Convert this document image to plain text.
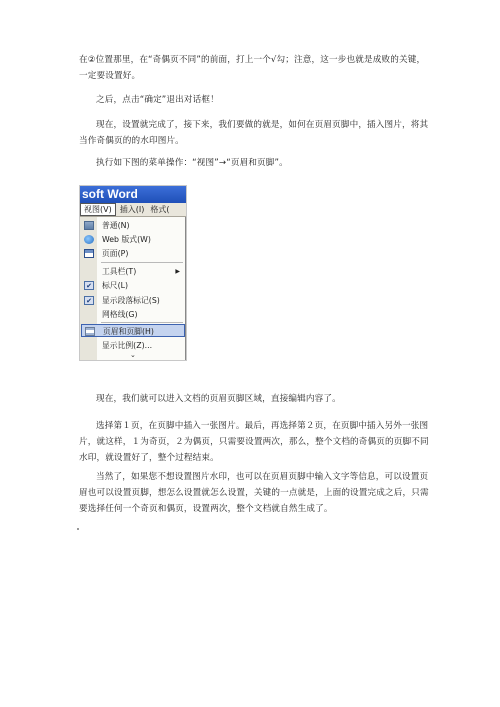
在②位置那里，在“奇偶页不同”的前面，打上一个√勾；注意，这一步也就是成败的关键，一定要设置好。
之后，点击“确定”退出对话框！
现在，设置就完成了，接下来，我们要做的就是，如何在页眉页脚中，插入图片，将其当作奇偶页的的水印图片。
执行如下图的菜单操作：“视图”→“页眉和页脚”。
soft Word
视图(V)	插入(I) 格式(
普通(N)
Web 版式(W)
页面(P)
工具栏(T)	▶
✔ 标尺(L)
✔ 显示段落标记(S)
网格线(G)
页眉和页脚(H)
显示比例(Z)...
⌄
现在，我们就可以进入文档的页眉页脚区域，直接编辑内容了。
选择第１页，在页脚中插入一张图片。最后，再选择第２页，在页脚中插入另外一张图片，就这样，１为奇页，２为偶页，只需要设置两次，那么，整个文档的奇偶页的页脚不同水印，就设置好了，整个过程结束。
当然了，如果您不想设置图片水印，也可以在页眉页脚中输入文字等信息，可以设置页眉也可以设置页脚，想怎么设置就怎么设置，关键的一点就是，上面的设置完成之后，只需要选择任何一个奇页和偶页，设置两次，整个文档就自然生成了。
